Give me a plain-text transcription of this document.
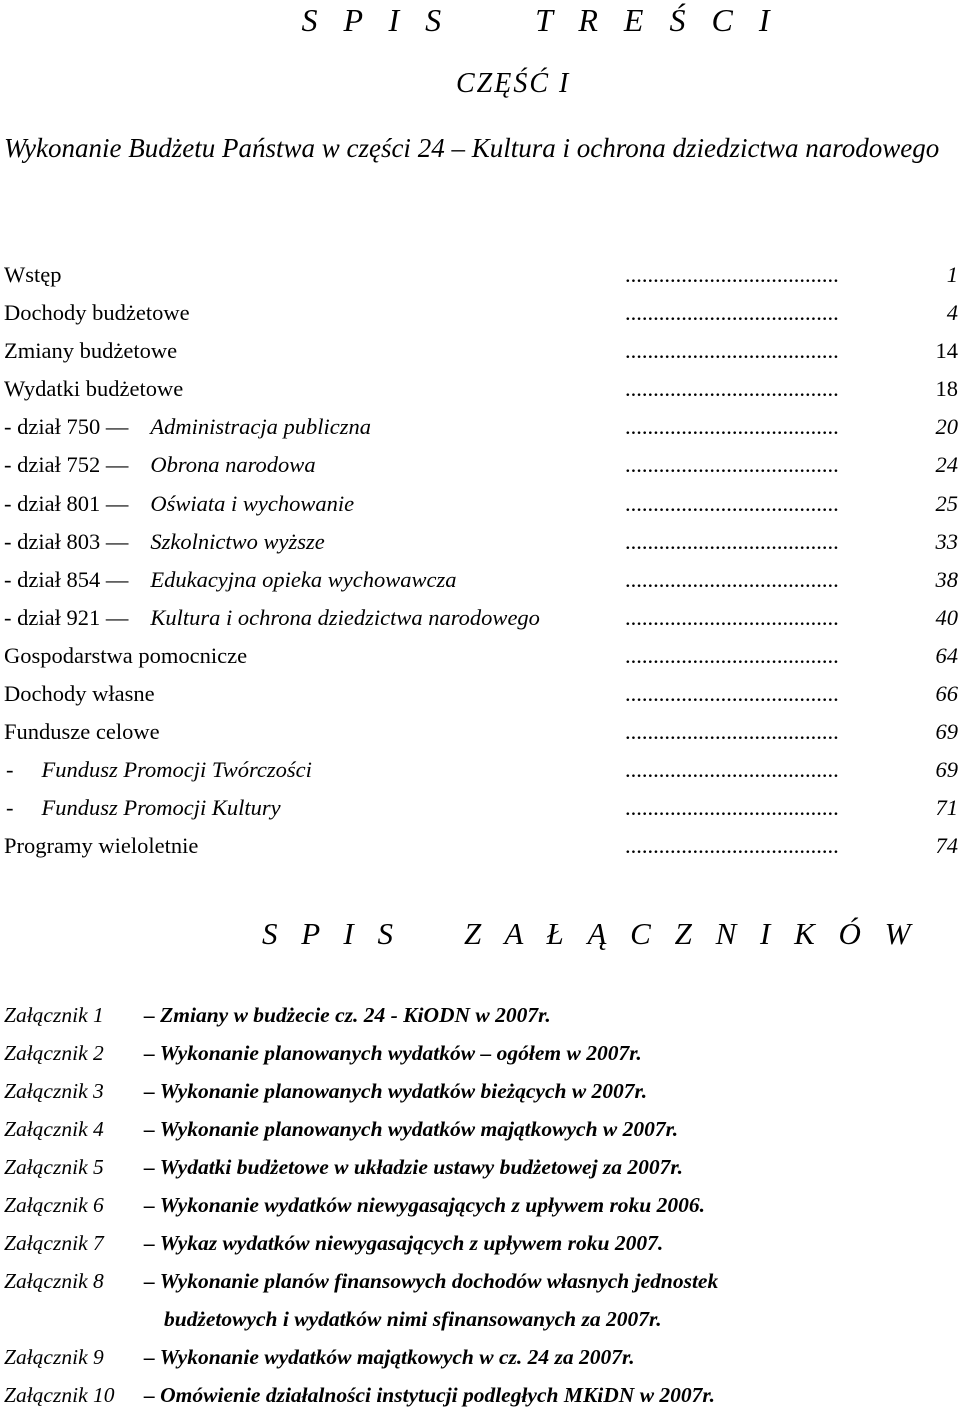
S P I S     T R E Ś C I
CZĘŚĆ I
Wykonanie Budżetu Państwa w części 24 – Kultura i ochrona dziedzictwa narodowego
Wstęp	......................................	1
Dochody budżetowe	......................................	4
Zmiany budżetowe	......................................	14
Wydatki budżetowe	......................................	18
- dział 750 — Administracja publiczna	......................................	20
- dział 752 — Obrona narodowa	......................................	24
- dział 801 — Oświata i wychowanie	......................................	25
- dział 803 — Szkolnictwo wyższe	......................................	33
- dział 854 — Edukacyjna opieka wychowawcza	......................................	38
- dział 921 — Kultura i ochrona dziedzictwa narodowego	......................................	40
Gospodarstwa pomocnicze	......................................	64
Dochody własne	......................................	66
Fundusze celowe	......................................	69
- Fundusz Promocji Twórczości	......................................	69
- Fundusz Promocji Kultury	......................................	71
Programy wieloletnie	......................................	74
S P I S    Z A Ł Ą C Z N I K Ó W
Załącznik 1 – Zmiany w budżecie cz. 24 - KiODN w 2007r.
Załącznik 2 – Wykonanie planowanych wydatków – ogółem w 2007r.
Załącznik 3 – Wykonanie planowanych wydatków bieżących w 2007r.
Załącznik 4 – Wykonanie planowanych wydatków majątkowych w 2007r.
Załącznik 5 – Wydatki budżetowe w układzie ustawy budżetowej za 2007r.
Załącznik 6 – Wykonanie wydatków niewygasających z upływem roku 2006.
Załącznik 7 – Wykaz wydatków niewygasających z upływem roku 2007.
Załącznik 8 – Wykonanie planów finansowych dochodów własnych jednostek
budżetowych i wydatków nimi sfinansowanych za 2007r.
Załącznik 9 – Wykonanie wydatków majątkowych w cz. 24 za 2007r.
Załącznik 10 – Omówienie działalności instytucji podległych MKiDN w 2007r.
